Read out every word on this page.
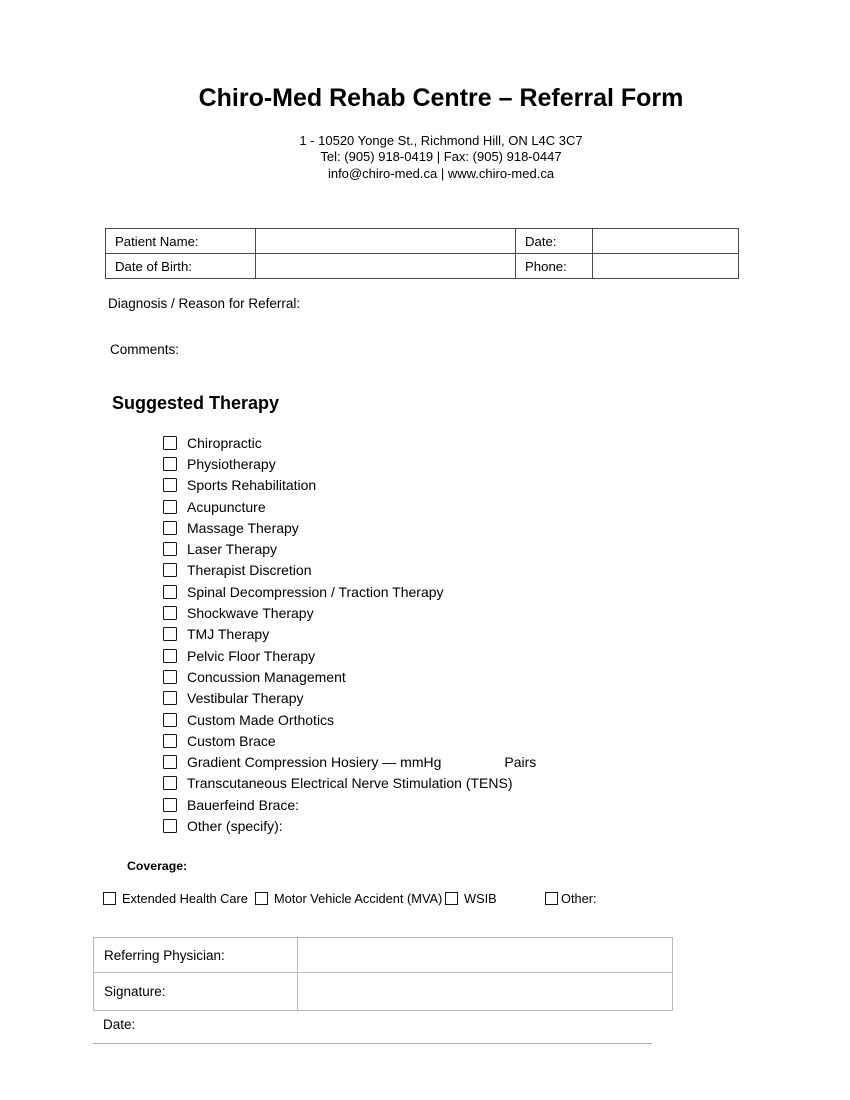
Chiro-Med Rehab Centre – Referral Form
1 - 10520 Yonge St., Richmond Hill, ON L4C 3C7
Tel: (905) 918-0419 | Fax: (905) 918-0447
info@chiro-med.ca | www.chiro-med.ca
Patient Name:		Date:	
Date of Birth:		Phone:	
Diagnosis / Reason for Referral:
Comments:
Suggested Therapy
Chiropractic
Physiotherapy
Sports Rehabilitation
Acupuncture
Massage Therapy
Laser Therapy
Therapist Discretion
Spinal Decompression / Traction Therapy
Shockwave Therapy
TMJ Therapy
Pelvic Floor Therapy
Concussion Management
Vestibular Therapy
Custom Made Orthotics
Custom Brace
Gradient Compression Hosiery — mmHg	Pairs
Transcutaneous Electrical Nerve Stimulation (TENS)
Bauerfeind Brace:
Other (specify):
Coverage:
Extended Health Care Motor Vehicle Accident (MVA) WSIB	Other:
Referring Physician:	
Signature:	
Date:
